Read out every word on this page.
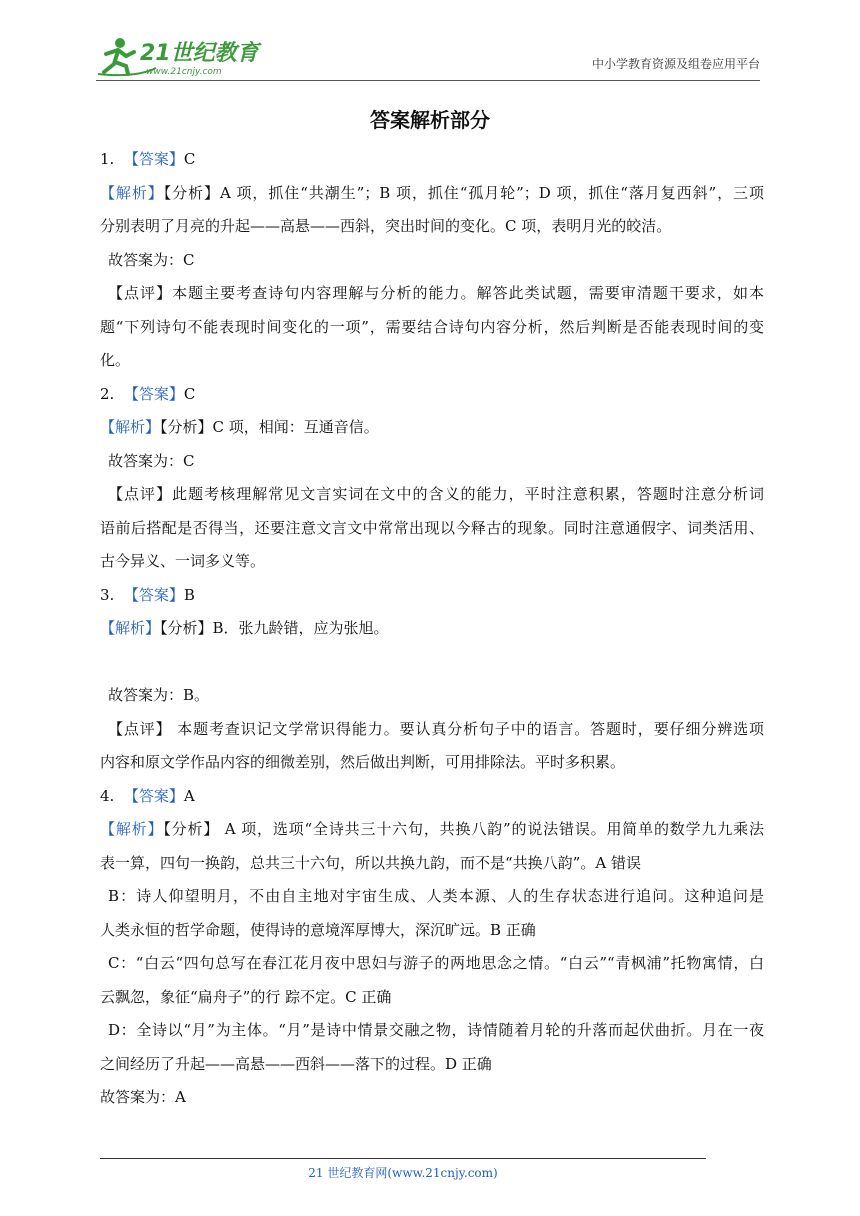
21世纪教育
www.21cnjy.com
中小学教育资源及组卷应用平台
答案解析部分
1. 【答案】C
【解析】【分析】A 项，抓住“共潮生”；B 项，抓住“孤月轮”；D 项，抓住“落月复西斜”，三项
分别表明了月亮的升起——高悬——西斜，突出时间的变化。C 项，表明月光的皎洁。
故答案为：C
【点评】本题主要考查诗句内容理解与分析的能力。解答此类试题，需要审清题干要求，如本
题“下列诗句不能表现时间变化的一项”，需要结合诗句内容分析，然后判断是否能表现时间的变
化。
2. 【答案】C
【解析】【分析】C 项，相闻：互通音信。
故答案为：C
【点评】此题考核理解常见文言实词在文中的含义的能力，平时注意积累，答题时注意分析词
语前后搭配是否得当，还要注意文言文中常常出现以今释古的现象。同时注意通假字、词类活用、
古今异义、一词多义等。
3. 【答案】B
【解析】【分析】B．张九龄错，应为张旭。
故答案为：B。
【点评】 本题考查识记文学常识得能力。要认真分析句子中的语言。答题时，要仔细分辨选项
内容和原文学作品内容的细微差别，然后做出判断，可用排除法。平时多积累。
4. 【答案】A
【解析】【分析】 A 项，选项“全诗共三十六句，共换八韵”的说法错误。用简单的数学九九乘法
表一算，四句一换韵，总共三十六句，所以共换九韵，而不是“共换八韵”。A 错误
B：诗人仰望明月，不由自主地对宇宙生成、人类本源、人的生存状态进行追问。这种追问是
人类永恒的哲学命题，使得诗的意境浑厚博大，深沉旷远。B 正确
C：“白云“四句总写在春江花月夜中思妇与游子的两地思念之情。“白云”“青枫浦”托物寓情，白
云飘忽，象征“扁舟子”的行 踪不定。C 正确
D：全诗以“月”为主体。“月”是诗中情景交融之物，诗情随着月轮的升落而起伏曲折。月在一夜
之间经历了升起——高悬——西斜——落下的过程。D 正确
故答案为：A
21 世纪教育网(www.21cnjy.com)
